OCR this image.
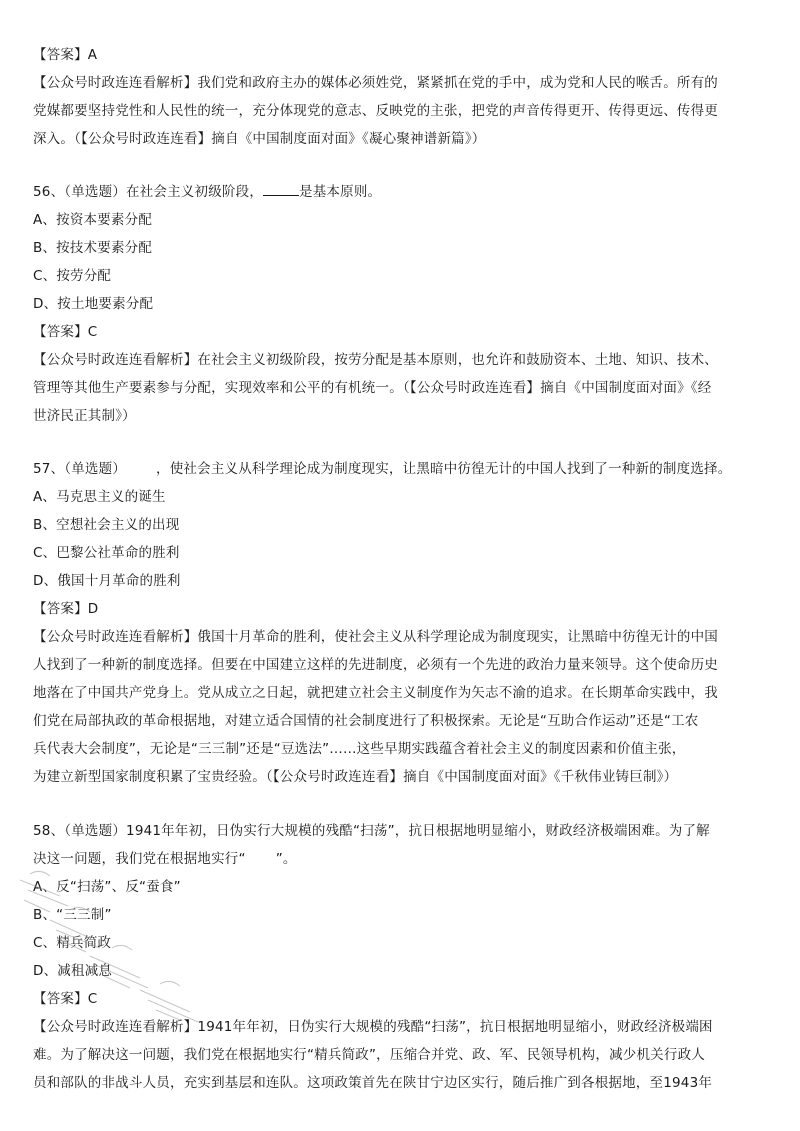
【答案】A
【公众号时政连连看解析】我们党和政府主办的媒体必须姓党，紧紧抓在党的手中，成为党和人民的喉舌。所有的
党媒都要坚持党性和人民性的统一，充分体现党的意志、反映党的主张，把党的声音传得更开、传得更远、传得更
深入。（【公众号时政连连看】摘自《中国制度面对面》《凝心聚神谱新篇》）
56、（单选题）在社会主义初级阶段，	是基本原则。
A、按资本要素分配
B、按技术要素分配
C、按劳分配
D、按土地要素分配
【答案】C
【公众号时政连连看解析】在社会主义初级阶段，按劳分配是基本原则，也允许和鼓励资本、土地、知识、技术、
管理等其他生产要素参与分配，实现效率和公平的有机统一。（【公众号时政连连看】摘自《中国制度面对面》《经
世济民正其制》）
57、（单选题） ，使社会主义从科学理论成为制度现实，让黑暗中彷徨无计的中国人找到了一种新的制度选择。
A、马克思主义的诞生
B、空想社会主义的出现
C、巴黎公社革命的胜利
D、俄国十月革命的胜利
【答案】D
【公众号时政连连看解析】俄国十月革命的胜利，使社会主义从科学理论成为制度现实，让黑暗中彷徨无计的中国
人找到了一种新的制度选择。但要在中国建立这样的先进制度，必须有一个先进的政治力量来领导。这个使命历史
地落在了中国共产党身上。党从成立之日起，就把建立社会主义制度作为矢志不渝的追求。在长期革命实践中，我
们党在局部执政的革命根据地，对建立适合国情的社会制度进行了积极探索。无论是“互助合作运动”还是“工农
兵代表大会制度”，无论是“三三制”还是“豆选法”……这些早期实践蕴含着社会主义的制度因素和价值主张，
为建立新型国家制度积累了宝贵经验。（【公众号时政连连看】摘自《中国制度面对面》《千秋伟业铸巨制》）
58、（单选题）1941年年初，日伪实行大规模的残酷“扫荡”，抗日根据地明显缩小，财政经济极端困难。为了解
决这一问题，我们党在根据地实行“ ”。
A、反“扫荡”、反“蚕食”
B、“三三制”
C、精兵简政
D、减租减息
【答案】C
【公众号时政连连看解析】1941年年初，日伪实行大规模的残酷“扫荡”，抗日根据地明显缩小，财政经济极端困
难。为了解决这一问题，我们党在根据地实行“精兵简政”，压缩合并党、政、军、民领导机构，减少机关行政人
员和部队的非战斗人员，充实到基层和连队。这项政策首先在陕甘宁边区实行，随后推广到各根据地，至1943年
